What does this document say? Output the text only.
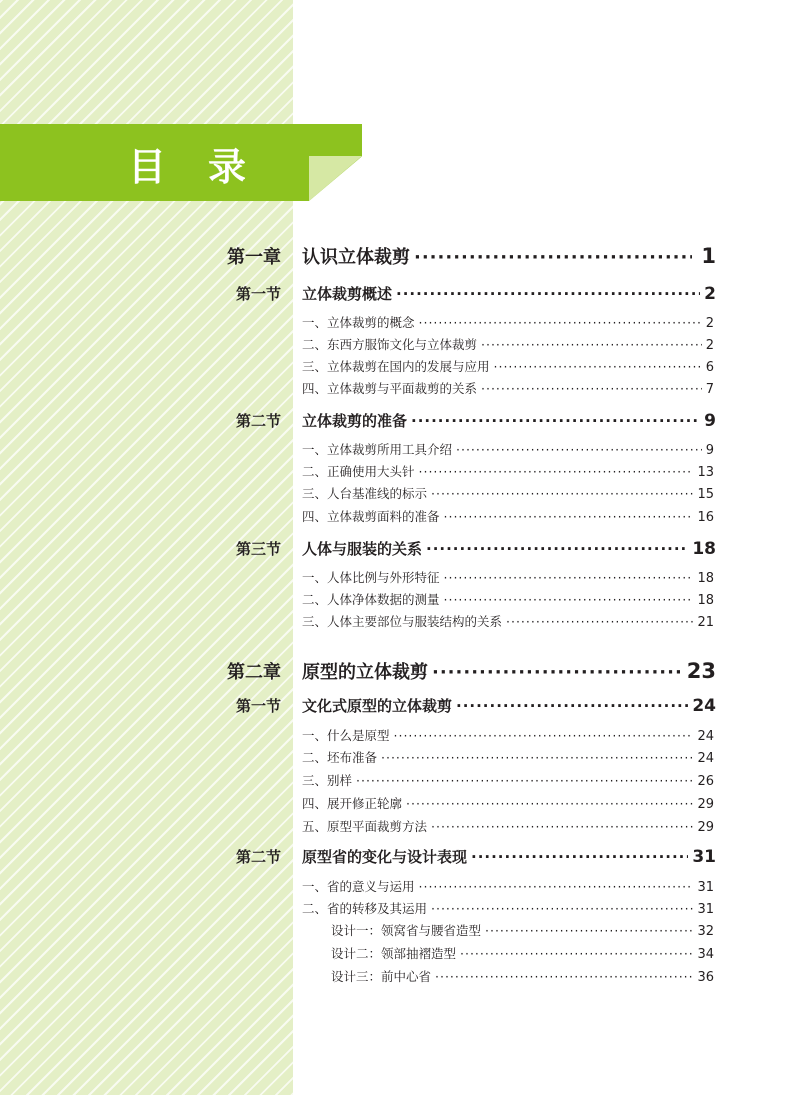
目 录
第一章 认识立体裁剪 ·····	1
第一节 立体裁剪概述 ·····	2
一、立体裁剪的概念 ·····	2
二、东西方服饰文化与立体裁剪 ·····	2
三、立体裁剪在国内的发展与应用 ·····	6
四、立体裁剪与平面裁剪的关系 ·····	7
第二节 立体裁剪的准备 ·····	9
一、立体裁剪所用工具介绍 ·····	9
二、正确使用大头针 ·····	13
三、人台基准线的标示 ·····	15
四、立体裁剪面料的准备 ·····	16
第三节 人体与服装的关系 ·····	18
一、人体比例与外形特征 ·····	18
二、人体净体数据的测量 ·····	18
三、人体主要部位与服装结构的关系 ·····	21
第二章 原型的立体裁剪 ·····	23
第一节 文化式原型的立体裁剪 ·····	24
一、什么是原型 ·····	24
二、坯布准备 ·····	24
三、别样 ·····	26
四、展开修正轮廓 ·····	29
五、原型平面裁剪方法 ·····	29
第二节 原型省的变化与设计表现 ·····	31
一、省的意义与运用 ·····	31
二、省的转移及其运用 ·····	31
设计一：领窝省与腰省造型 ·····	32
设计二：领部抽褶造型 ·····	34
设计三：前中心省 ·····	36
